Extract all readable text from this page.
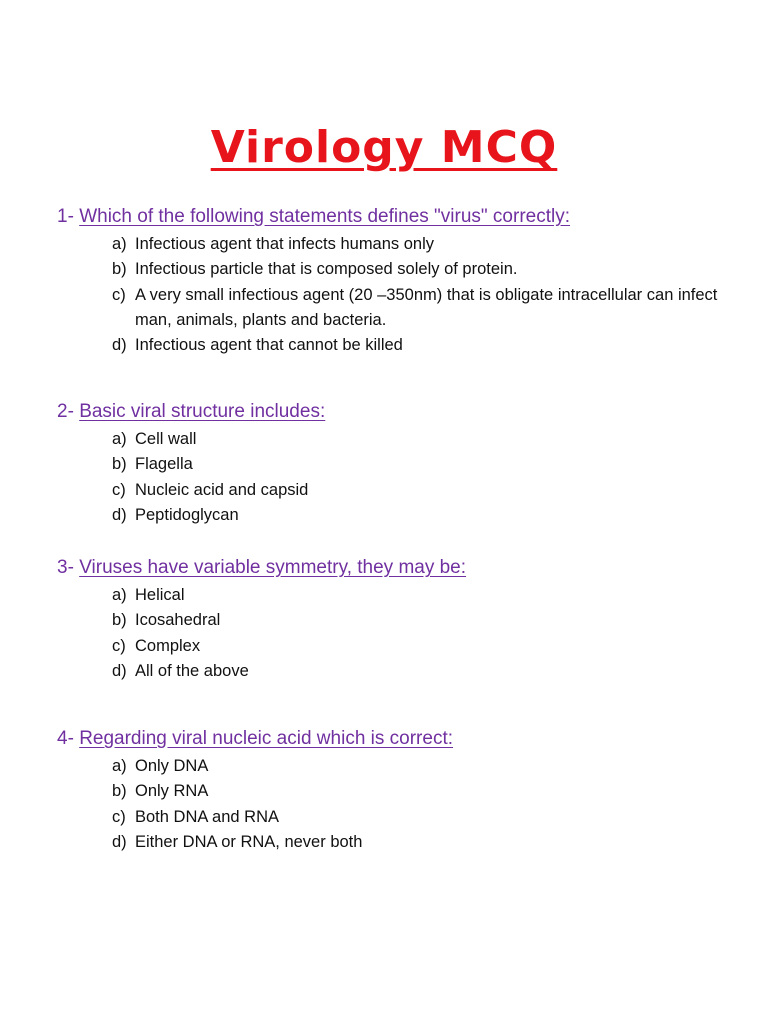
Virology MCQ
1- Which of the following statements defines "virus" correctly:
a) Infectious agent that infects humans only
b) Infectious particle that is composed solely of protein.
c) A very small infectious agent (20 –350nm) that is obligate intracellular can infect man, animals, plants and bacteria.
d) Infectious agent that cannot be killed
2- Basic viral structure includes:
a) Cell wall
b) Flagella
c) Nucleic acid and capsid
d) Peptidoglycan
3- Viruses have variable symmetry, they may be:
a) Helical
b) Icosahedral
c) Complex
d) All of the above
4- Regarding viral nucleic acid which is correct:
a) Only DNA
b) Only RNA
c) Both DNA and RNA
d) Either DNA or RNA, never both
